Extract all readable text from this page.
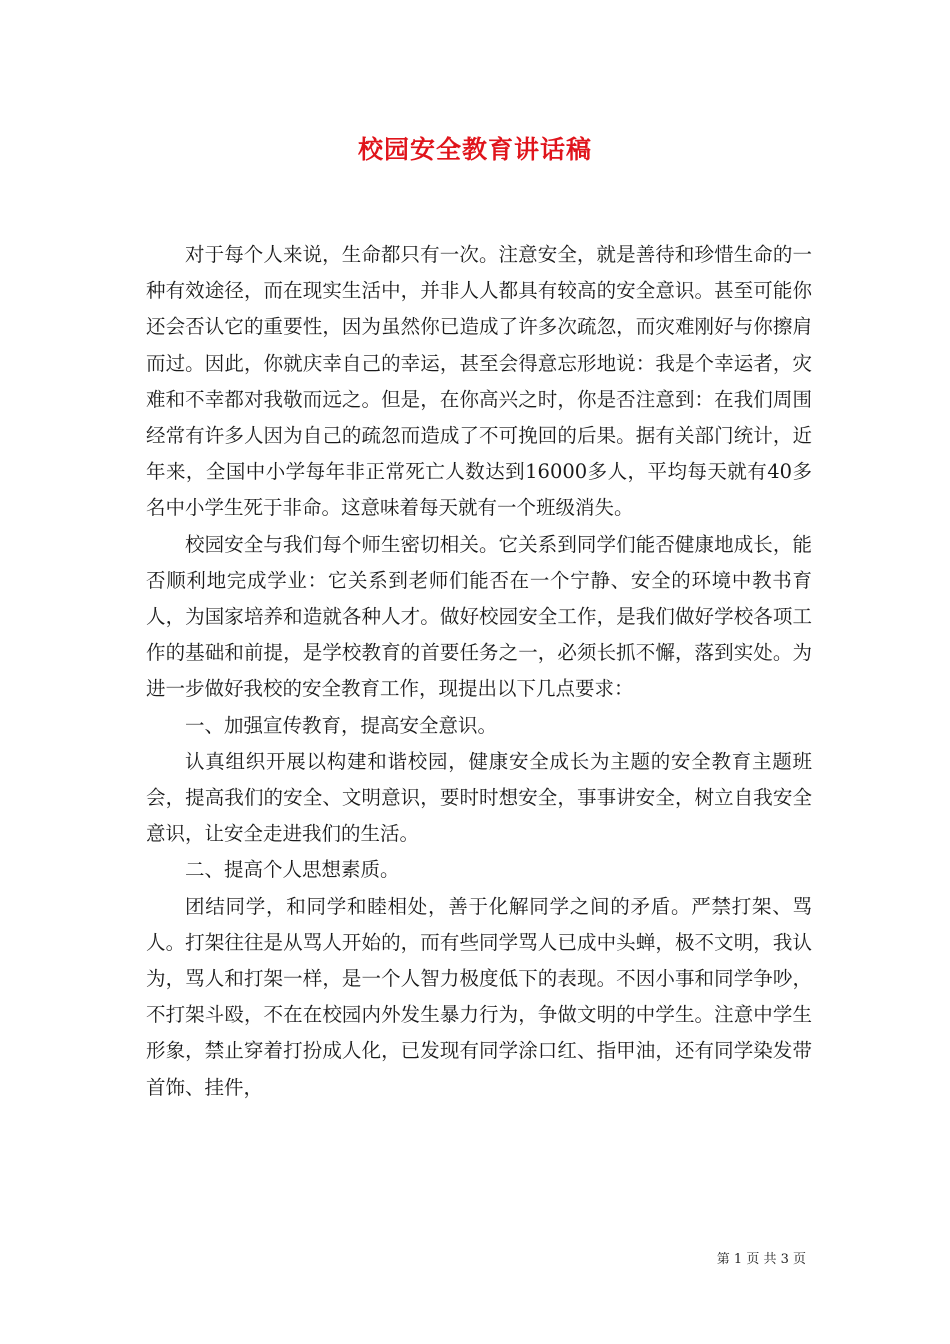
校园安全教育讲话稿

对于每个人来说，生命都只有一次。注意安全，就是善待和珍惜生命的一种有效途径，而在现实生活中，并非人人都具有较高的安全意识。甚至可能你还会否认它的重要性，因为虽然你已造成了许多次疏忽，而灾难刚好与你擦肩而过。因此，你就庆幸自己的幸运，甚至会得意忘形地说：我是个幸运者，灾难和不幸都对我敬而远之。但是，在你高兴之时，你是否注意到：在我们周围经常有许多人因为自己的疏忽而造成了不可挽回的后果。据有关部门统计，近年来，全国中小学每年非正常死亡人数达到16000多人，平均每天就有40多名中小学生死于非命。这意味着每天就有一个班级消失。

校园安全与我们每个师生密切相关。它关系到同学们能否健康地成长，能否顺利地完成学业：它关系到老师们能否在一个宁静、安全的环境中教书育人，为国家培养和造就各种人才。做好校园安全工作，是我们做好学校各项工作的基础和前提，是学校教育的首要任务之一，必须长抓不懈，落到实处。为进一步做好我校的安全教育工作，现提出以下几点要求：

一、加强宣传教育，提高安全意识。

认真组织开展以构建和谐校园，健康安全成长为主题的安全教育主题班会，提高我们的安全、文明意识，要时时想安全，事事讲安全，树立自我安全意识，让安全走进我们的生活。

二、提高个人思想素质。

团结同学，和同学和睦相处，善于化解同学之间的矛盾。严禁打架、骂人。打架往往是从骂人开始的，而有些同学骂人已成中头蝉，极不文明，我认为，骂人和打架一样，是一个人智力极度低下的表现。不因小事和同学争吵，不打架斗殴，不在在校园内外发生暴力行为，争做文明的中学生。注意中学生形象，禁止穿着打扮成人化，已发现有同学涂口红、指甲油，还有同学染发带首饰、挂件，

第 1 页 共 3 页
